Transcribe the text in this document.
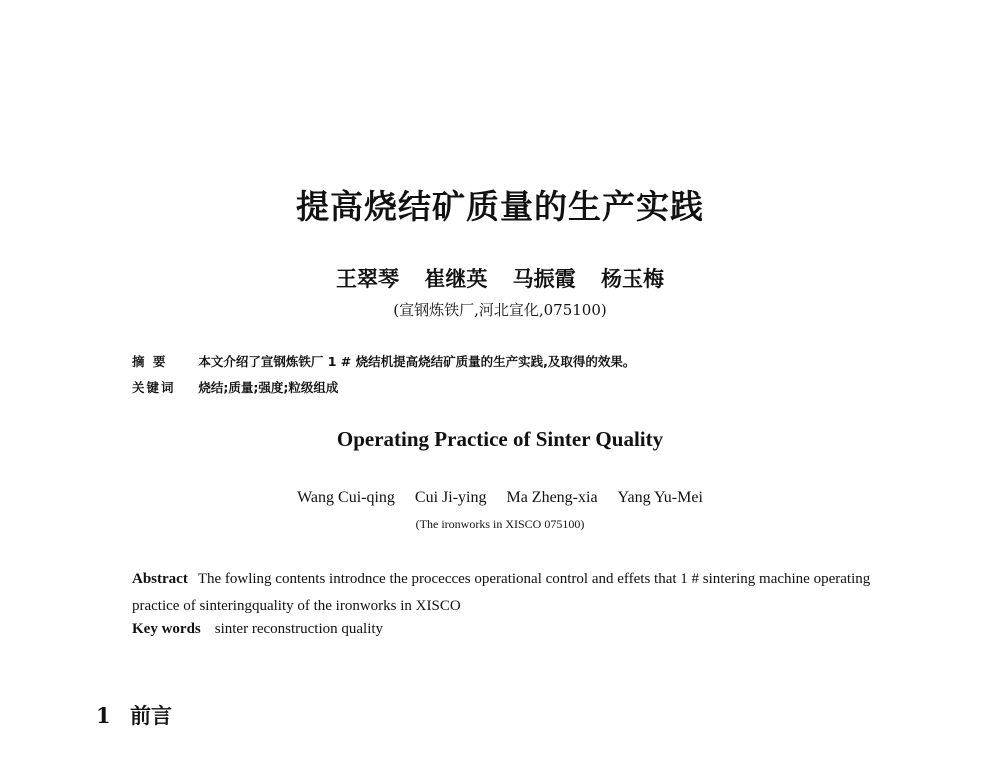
提高烧结矿质量的生产实践
王翠琴 崔继英 马振霞 杨玉梅
(宣钢炼铁厂,河北宣化,075100)
摘 要 本文介绍了宣钢炼铁厂 1 # 烧结机提高烧结矿质量的生产实践,及取得的效果。
关键词 烧结;质量;强度;粒级组成
Operating Practice of Sinter Quality
Wang Cui-qing Cui Ji-ying Ma Zheng-xia Yang Yu-Mei
(The ironworks in XISCO 075100)
Abstract The fowling contents introdnce the procecces operational control and effets that 1 # sintering machine operating practice of sinteringquality of the ironworks in XISCO
Key words sinter reconstruction quality
1 前言
